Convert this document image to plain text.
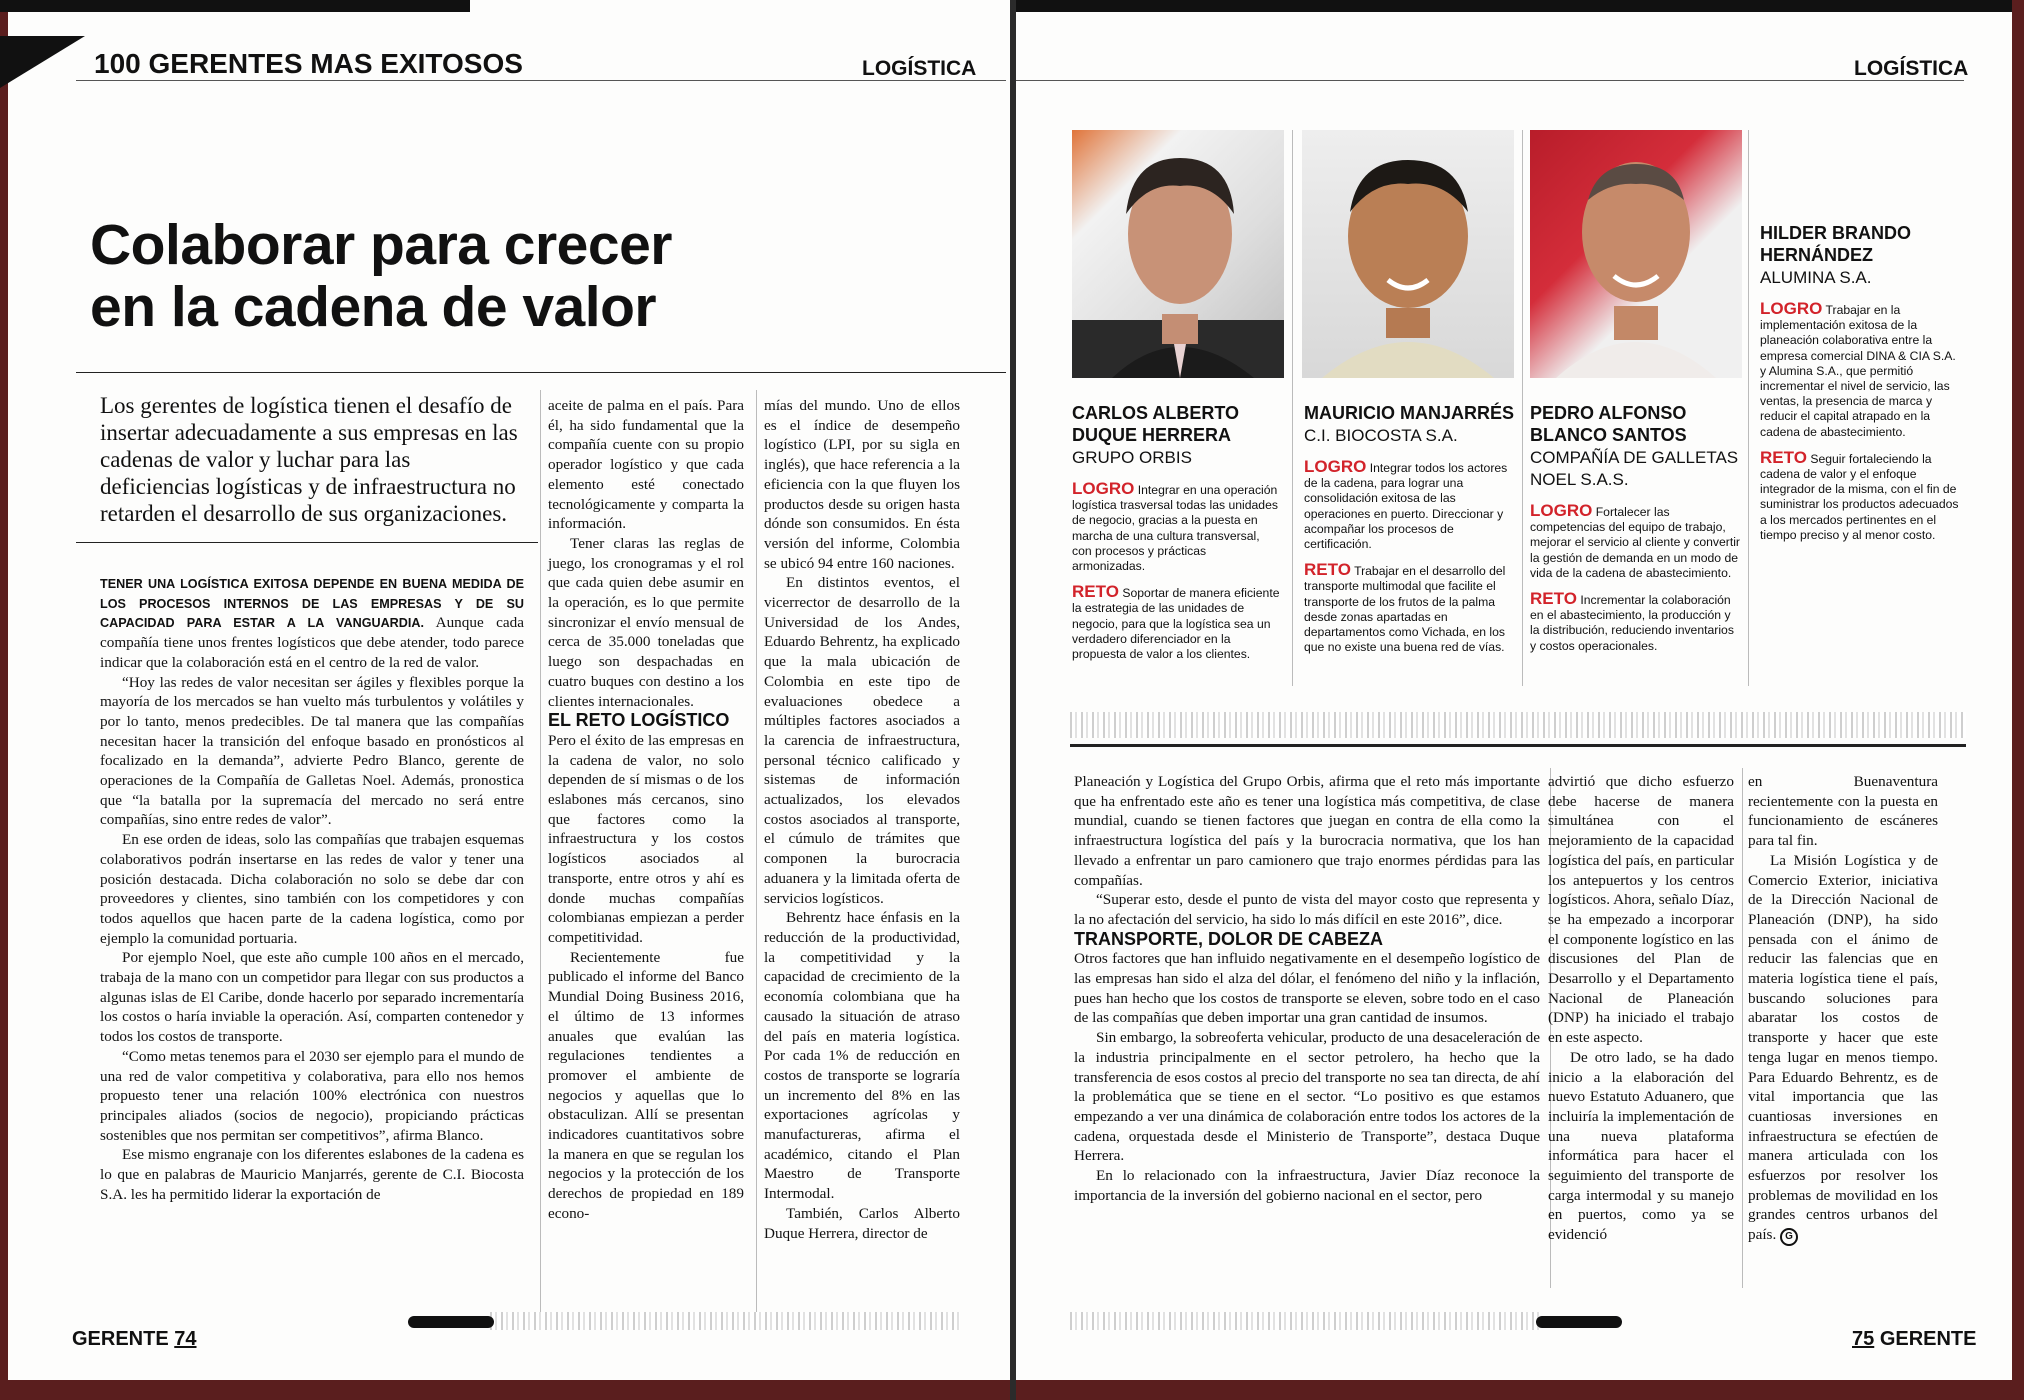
100 GERENTES MAS EXITOSOS	LOGÍSTICA
Colaborar para crecer
en la cadena de valor
Los gerentes de logística tienen el desafío de insertar adecuadamente a sus empresas en las cadenas de valor y luchar para las deficiencias logísticas y de infraestructura no retarden el desarrollo de sus organizaciones.

TENER UNA LOGÍSTICA EXITOSA DEPENDE EN BUENA MEDIDA DE LOS PROCESOS INTERNOS DE LAS EMPRESAS Y DE SU CAPACIDAD PARA ESTAR A LA VANGUARDIA. Aunque cada compañía tiene unos frentes logísticos que debe atender, todo parece indicar que la colaboración está en el centro de la red de valor.

“Hoy las redes de valor necesitan ser ágiles y flexibles porque la mayoría de los mercados se han vuelto más turbulentos y volátiles y por lo tanto, menos predecibles. De tal manera que las compañías necesitan hacer la transición del enfoque basado en pronósticos al focalizado en la demanda”, advierte Pedro Blanco, gerente de operaciones de la Compañía de Galletas Noel. Además, pronostica que “la batalla por la supremacía del mercado no será entre compañías, sino entre redes de valor”.

En ese orden de ideas, solo las compañías que trabajen esquemas colaborativos podrán insertarse en las redes de valor y tener una posición destacada. Dicha colaboración no solo se debe dar con proveedores y clientes, sino también con los competidores y con todos aquellos que hacen parte de la cadena logística, como por ejemplo la comunidad portuaria.

Por ejemplo Noel, que este año cumple 100 años en el mercado, trabaja de la mano con un competidor para llegar con sus productos a algunas islas de El Caribe, donde hacerlo por separado incrementaría los costos o haría inviable la operación. Así, comparten contenedor y todos los costos de transporte.

“Como metas tenemos para el 2030 ser ejemplo para el mundo de una red de valor competitiva y colaborativa, para ello nos hemos propuesto tener una relación 100% electrónica con nuestros principales aliados (socios de negocio), propiciando prácticas sostenibles que nos permitan ser competitivos”, afirma Blanco.

Ese mismo engranaje con los diferentes eslabones de la cadena es lo que en palabras de Mauricio Manjarrés, gerente de C.I. Biocosta S.A. les ha permitido liderar la exportación de

aceite de palma en el país. Para él, ha sido fundamental que la compañía cuente con su propio operador logístico y que cada elemento esté conectado tecnológicamente y comparta la información.

Tener claras las reglas de juego, los cronogramas y el rol que cada quien debe asumir en la operación, es lo que permite sincronizar el envío mensual de cerca de 35.000 toneladas que luego son despachadas en cuatro buques con destino a los clientes internacionales.

EL RETO LOGÍSTICO

Pero el éxito de las empresas en la cadena de valor, no solo dependen de sí mismas o de los eslabones más cercanos, sino que factores como la infraestructura y los costos logísticos asociados al transporte, entre otros y ahí es donde muchas compañías colombianas empiezan a perder competitividad.

Recientemente fue publicado el informe del Banco Mundial Doing Business 2016, el último de 13 informes anuales que evalúan las regulaciones tendientes a promover el ambiente de negocios y aquellas que lo obstaculizan. Allí se presentan indicadores cuantitativos sobre la manera en que se regulan los negocios y la protección de los derechos de propiedad en 189 econo-

mías del mundo. Uno de ellos es el índice de desempeño logístico (LPI, por su sigla en inglés), que hace referencia a la eficiencia con la que fluyen los productos desde su origen hasta dónde son consumidos. En ésta versión del informe, Colombia se ubicó 94 entre 160 naciones.

En distintos eventos, el vicerrector de desarrollo de la Universidad de los Andes, Eduardo Behrentz, ha explicado que la mala ubicación de Colombia en este tipo de evaluaciones obedece a múltiples factores asociados a la carencia de infraestructura, personal técnico calificado y sistemas de información actualizados, los elevados costos asociados al transporte, el cúmulo de trámites que componen la burocracia aduanera y la limitada oferta de servicios logísticos.

Behrentz hace énfasis en la reducción de la productividad, la competitividad y la capacidad de crecimiento de la economía colombiana que ha causado la situación de atraso del país en materia logística. Por cada 1% de reducción en costos de transporte se lograría un incremento del 8% en las exportaciones agrícolas y manufactureras, afirma el académico, citando el Plan Maestro de Transporte Intermodal.

También, Carlos Alberto Duque Herrera, director de

GERENTE 74
LOGÍSTICA
CARLOS ALBERTO DUQUE HERRERA
GRUPO ORBIS
LOGRO Integrar en una operación logística trasversal todas las unidades de negocio, gracias a la puesta en marcha de una cultura transversal, con procesos y prácticas armonizadas.
RETO Soportar de manera eficiente la estrategia de las unidades de negocio, para que la logística sea un verdadero diferenciador en la propuesta de valor a los clientes.
MAURICIO MANJARRÉS
C.I. BIOCOSTA S.A.
LOGRO Integrar todos los actores de la cadena, para lograr una consolidación exitosa de las operaciones en puerto. Direccionar y acompañar los procesos de certificación.
RETO Trabajar en el desarrollo del transporte multimodal que facilite el transporte de los frutos de la palma desde zonas apartadas en departamentos como Vichada, en los que no existe una buena red de vías.
PEDRO ALFONSO BLANCO SANTOS
COMPAÑÍA DE GALLETAS NOEL S.A.S.
LOGRO Fortalecer las competencias del equipo de trabajo, mejorar el servicio al cliente y convertir la gestión de demanda en un modo de vida de la cadena de abastecimiento.
RETO Incrementar la colaboración en el abastecimiento, la producción y la distribución, reduciendo inventarios y costos operacionales.
HILDER BRANDO HERNÁNDEZ
ALUMINA S.A.
LOGRO Trabajar en la implementación exitosa de la planeación colaborativa entre la empresa comercial DINA & CIA S.A. y Alumina S.A., que permitió incrementar el nivel de servicio, las ventas, la presencia de marca y reducir el capital atrapado en la cadena de abastecimiento.
RETO Seguir fortaleciendo la cadena de valor y el enfoque integrador de la misma, con el fin de suministrar los productos adecuados a los mercados pertinentes en el tiempo preciso y al menor costo.

Planeación y Logística del Grupo Orbis, afirma que el reto más importante que ha enfrentado este año es tener una logística más competitiva, de clase mundial, cuando se tienen factores que juegan en contra de ella como la infraestructura logística del país y la burocracia normativa, que los han llevado a enfrentar un paro camionero que trajo enormes pérdidas para las compañías.

“Superar esto, desde el punto de vista del mayor costo que representa y la no afectación del servicio, ha sido lo más difícil en este 2016”, dice.

TRANSPORTE, DOLOR DE CABEZA

Otros factores que han influido negativamente en el desempeño logístico de las empresas han sido el alza del dólar, el fenómeno del niño y la inflación, pues han hecho que los costos de transporte se eleven, sobre todo en el caso de las compañías que deben importar una gran cantidad de insumos.

Sin embargo, la sobreoferta vehicular, producto de una desaceleración de la industria principalmente en el sector petrolero, ha hecho que la transferencia de esos costos al precio del transporte no sea tan directa, de ahí la problemática que se tiene en el sector. “Lo positivo es que estamos empezando a ver una dinámica de colaboración entre todos los actores de la cadena, orquestada desde el Ministerio de Transporte”, destaca Duque Herrera.

En lo relacionado con la infraestructura, Javier Díaz reconoce la importancia de la inversión del gobierno nacional en el sector, pero

advirtió que dicho esfuerzo debe hacerse de manera simultánea con el mejoramiento de la capacidad logística del país, en particular los antepuertos y los centros logísticos. Ahora, señalo Díaz, se ha empezado a incorporar el componente logístico en las discusiones del Plan de Desarrollo y el Departamento Nacional de Planeación (DNP) ha iniciado el trabajo en este aspecto.

De otro lado, se ha dado inicio a la elaboración del nuevo Estatuto Aduanero, que incluiría la implementación de una nueva plataforma informática para hacer el seguimiento del transporte de carga intermodal y su manejo en puertos, como ya se evidenció

en Buenaventura recientemente con la puesta en funcionamiento de escáneres para tal fin.

La Misión Logística y de Comercio Exterior, iniciativa de la Dirección Nacional de Planeación (DNP), ha sido pensada con el ánimo de reducir las falencias que en materia logística tiene el país, buscando soluciones para abaratar los costos de transporte y hacer que este tenga lugar en menos tiempo. Para Eduardo Behrentz, es de vital importancia que las cuantiosas inversiones en infraestructura se efectúen de manera articulada con los esfuerzos por resolver los problemas de movilidad en los grandes centros urbanos del país. G

75 GERENTE
